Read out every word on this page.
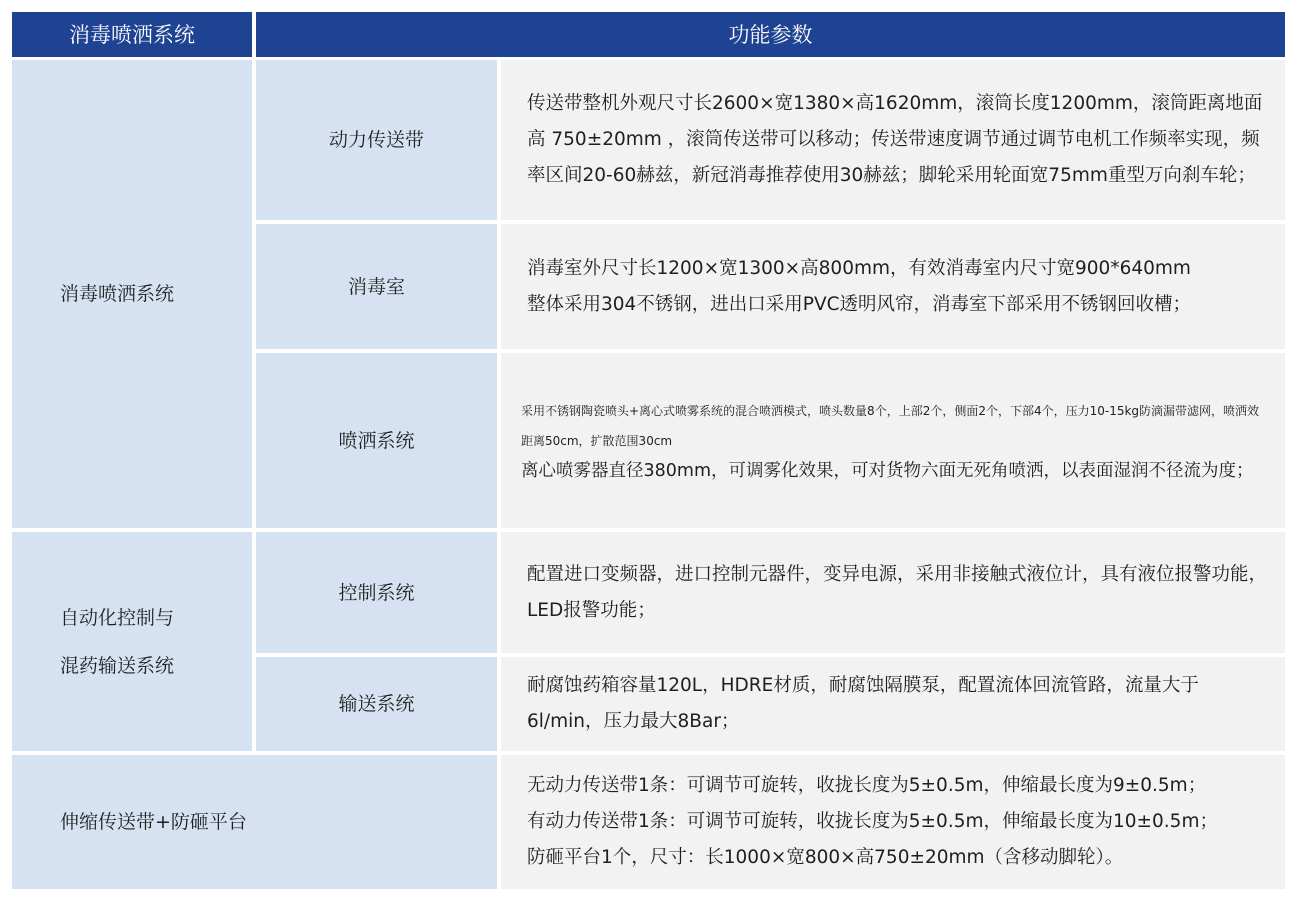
消毒喷洒系统	功能参数
消毒喷洒系统
动力传送带
传送带整机外观尺寸长2600×宽1380×高1620mm，滚筒长度1200mm，滚筒距离地面高 750±20mm ，滚筒传送带可以移动；传送带速度调节通过调节电机工作频率实现，频率区间20-60赫兹，新冠消毒推荐使用30赫兹；脚轮采用轮面宽75mm重型万向刹车轮；
消毒室
消毒室外尺寸长1200×宽1300×高800mm，有效消毒室内尺寸宽900*640mm
整体采用304不锈钢，进出口采用PVC透明风帘，消毒室下部采用不锈钢回收槽；
喷洒系统
采用不锈钢陶瓷喷头+离心式喷雾系统的混合喷洒模式，喷头数量8个，上部2个，侧面2个，下部4个，压力10-15kg防滴漏带滤网，喷洒效距离50cm，扩散范围30cm
离心喷雾器直径380mm，可调雾化效果，可对货物六面无死角喷洒，以表面湿润不径流为度；
自动化控制与
混药输送系统
控制系统
配置进口变频器，进口控制元器件，变异电源，采用非接触式液位计，具有液位报警功能，LED报警功能；
输送系统
耐腐蚀药箱容量120L，HDRE材质，耐腐蚀隔膜泵，配置流体回流管路，流量大于6l/min，压力最大8Bar；
伸缩传送带+防砸平台
无动力传送带1条：可调节可旋转，收拢长度为5±0.5m，伸缩最长度为9±0.5m；
有动力传送带1条：可调节可旋转，收拢长度为5±0.5m，伸缩最长度为10±0.5m；
防砸平台1个，尺寸：长1000×宽800×高750±20mm（含移动脚轮）。
